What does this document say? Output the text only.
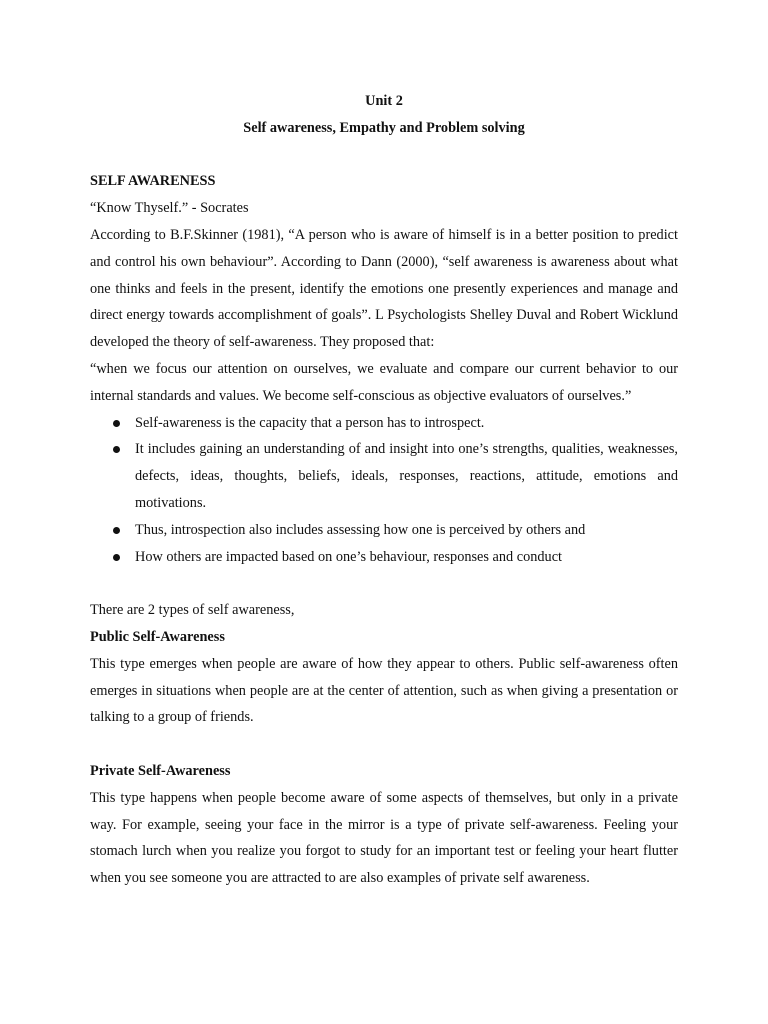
Unit 2
Self awareness, Empathy and Problem solving
SELF AWARENESS
“Know Thyself.” - Socrates

According to B.F.Skinner (1981), “A person who is aware of himself is in a better position to predict and control his own behaviour”. According to Dann (2000), “self awareness is awareness about what one thinks and feels in the present, identify the emotions one presently experiences and manage and direct energy towards accomplishment of goals”. L Psychologists Shelley Duval and Robert Wicklund developed the theory of self-awareness. They proposed that:

“when we focus our attention on ourselves, we evaluate and compare our current behavior to our internal standards and values. We become self-conscious as objective evaluators of ourselves.”

Self-awareness is the capacity that a person has to introspect.
It includes gaining an understanding of and insight into one’s strengths, qualities, weaknesses, defects, ideas, thoughts, beliefs, ideals, responses, reactions, attitude, emotions and motivations.
Thus, introspection also includes assessing how one is perceived by others and
How others are impacted based on one’s behaviour, responses and conduct
There are 2 types of self awareness,
Public Self-Awareness

This type emerges when people are aware of how they appear to others. Public self-awareness often emerges in situations when people are at the center of attention, such as when giving a presentation or talking to a group of friends.

Private Self-Awareness

This type happens when people become aware of some aspects of themselves, but only in a private way. For example, seeing your face in the mirror is a type of private self-awareness. Feeling your stomach lurch when you realize you forgot to study for an important test or feeling your heart flutter when you see someone you are attracted to are also examples of private self awareness.
